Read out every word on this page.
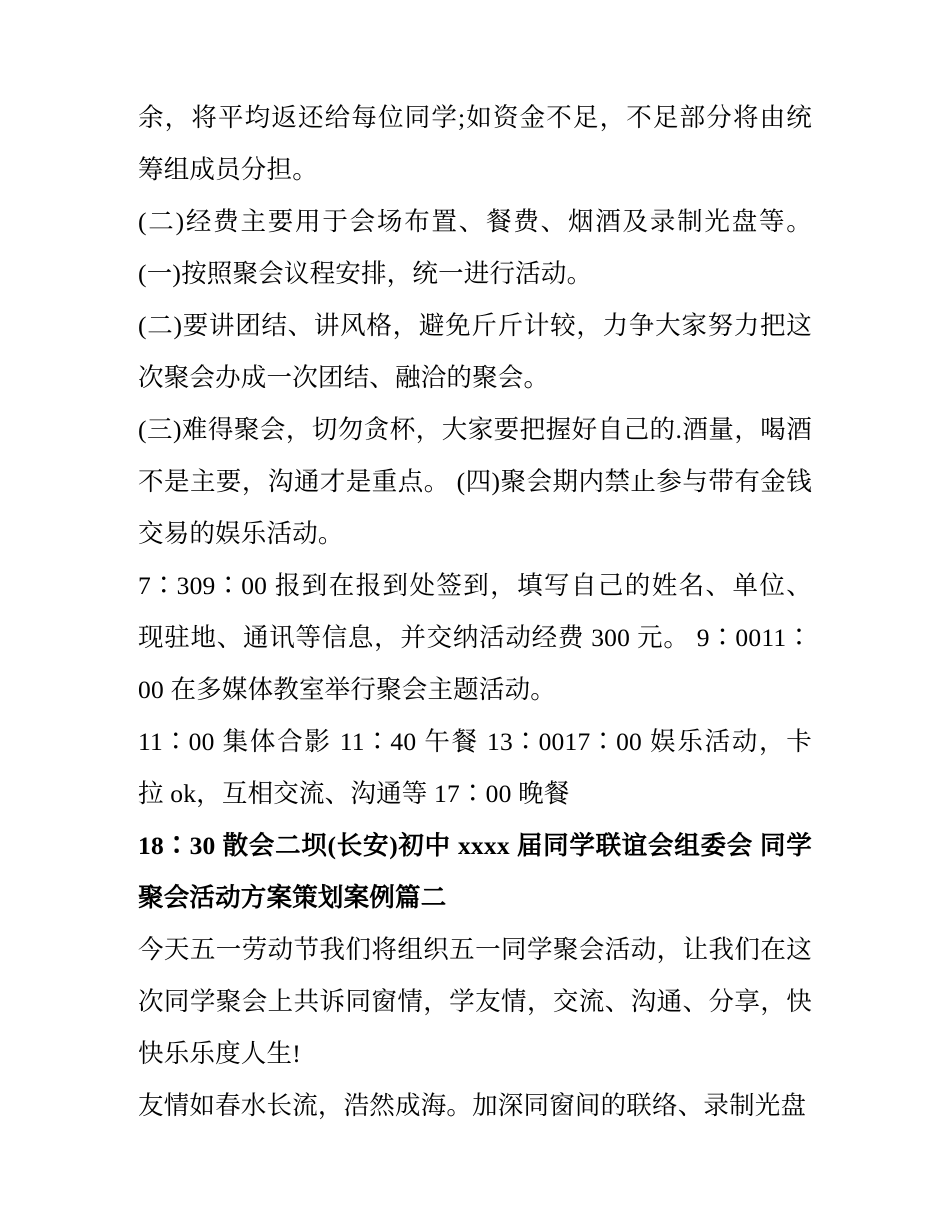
余，将平均返还给每位同学;如资金不足，不足部分将由统筹组成员分担。

(二)经费主要用于会场布置、餐费、烟酒及录制光盘等。 (一)按照聚会议程安排，统一进行活动。

(二)要讲团结、讲风格，避免斤斤计较，力争大家努力把这次聚会办成一次团结、融洽的聚会。

(三)难得聚会，切勿贪杯，大家要把握好自己的.酒量，喝酒不是主要，沟通才是重点。 (四)聚会期内禁止参与带有金钱交易的娱乐活动。

7∶309∶00 报到在报到处签到，填写自己的姓名、单位、现驻地、通讯等信息，并交纳活动经费 300 元。 9∶0011∶00 在多媒体教室举行聚会主题活动。

11∶00 集体合影 11∶40 午餐 13∶0017∶00 娱乐活动，卡拉 ok，互相交流、沟通等 17∶00 晚餐

18∶30 散会二坝(长安)初中 xxxx 届同学联谊会组委会 同学聚会活动方案策划案例篇二

今天五一劳动节我们将组织五一同学聚会活动，让我们在这次同学聚会上共诉同窗情，学友情，交流、沟通、分享，快快乐乐度人生!

友情如春水长流，浩然成海。加深同窗间的联络、录制光盘
